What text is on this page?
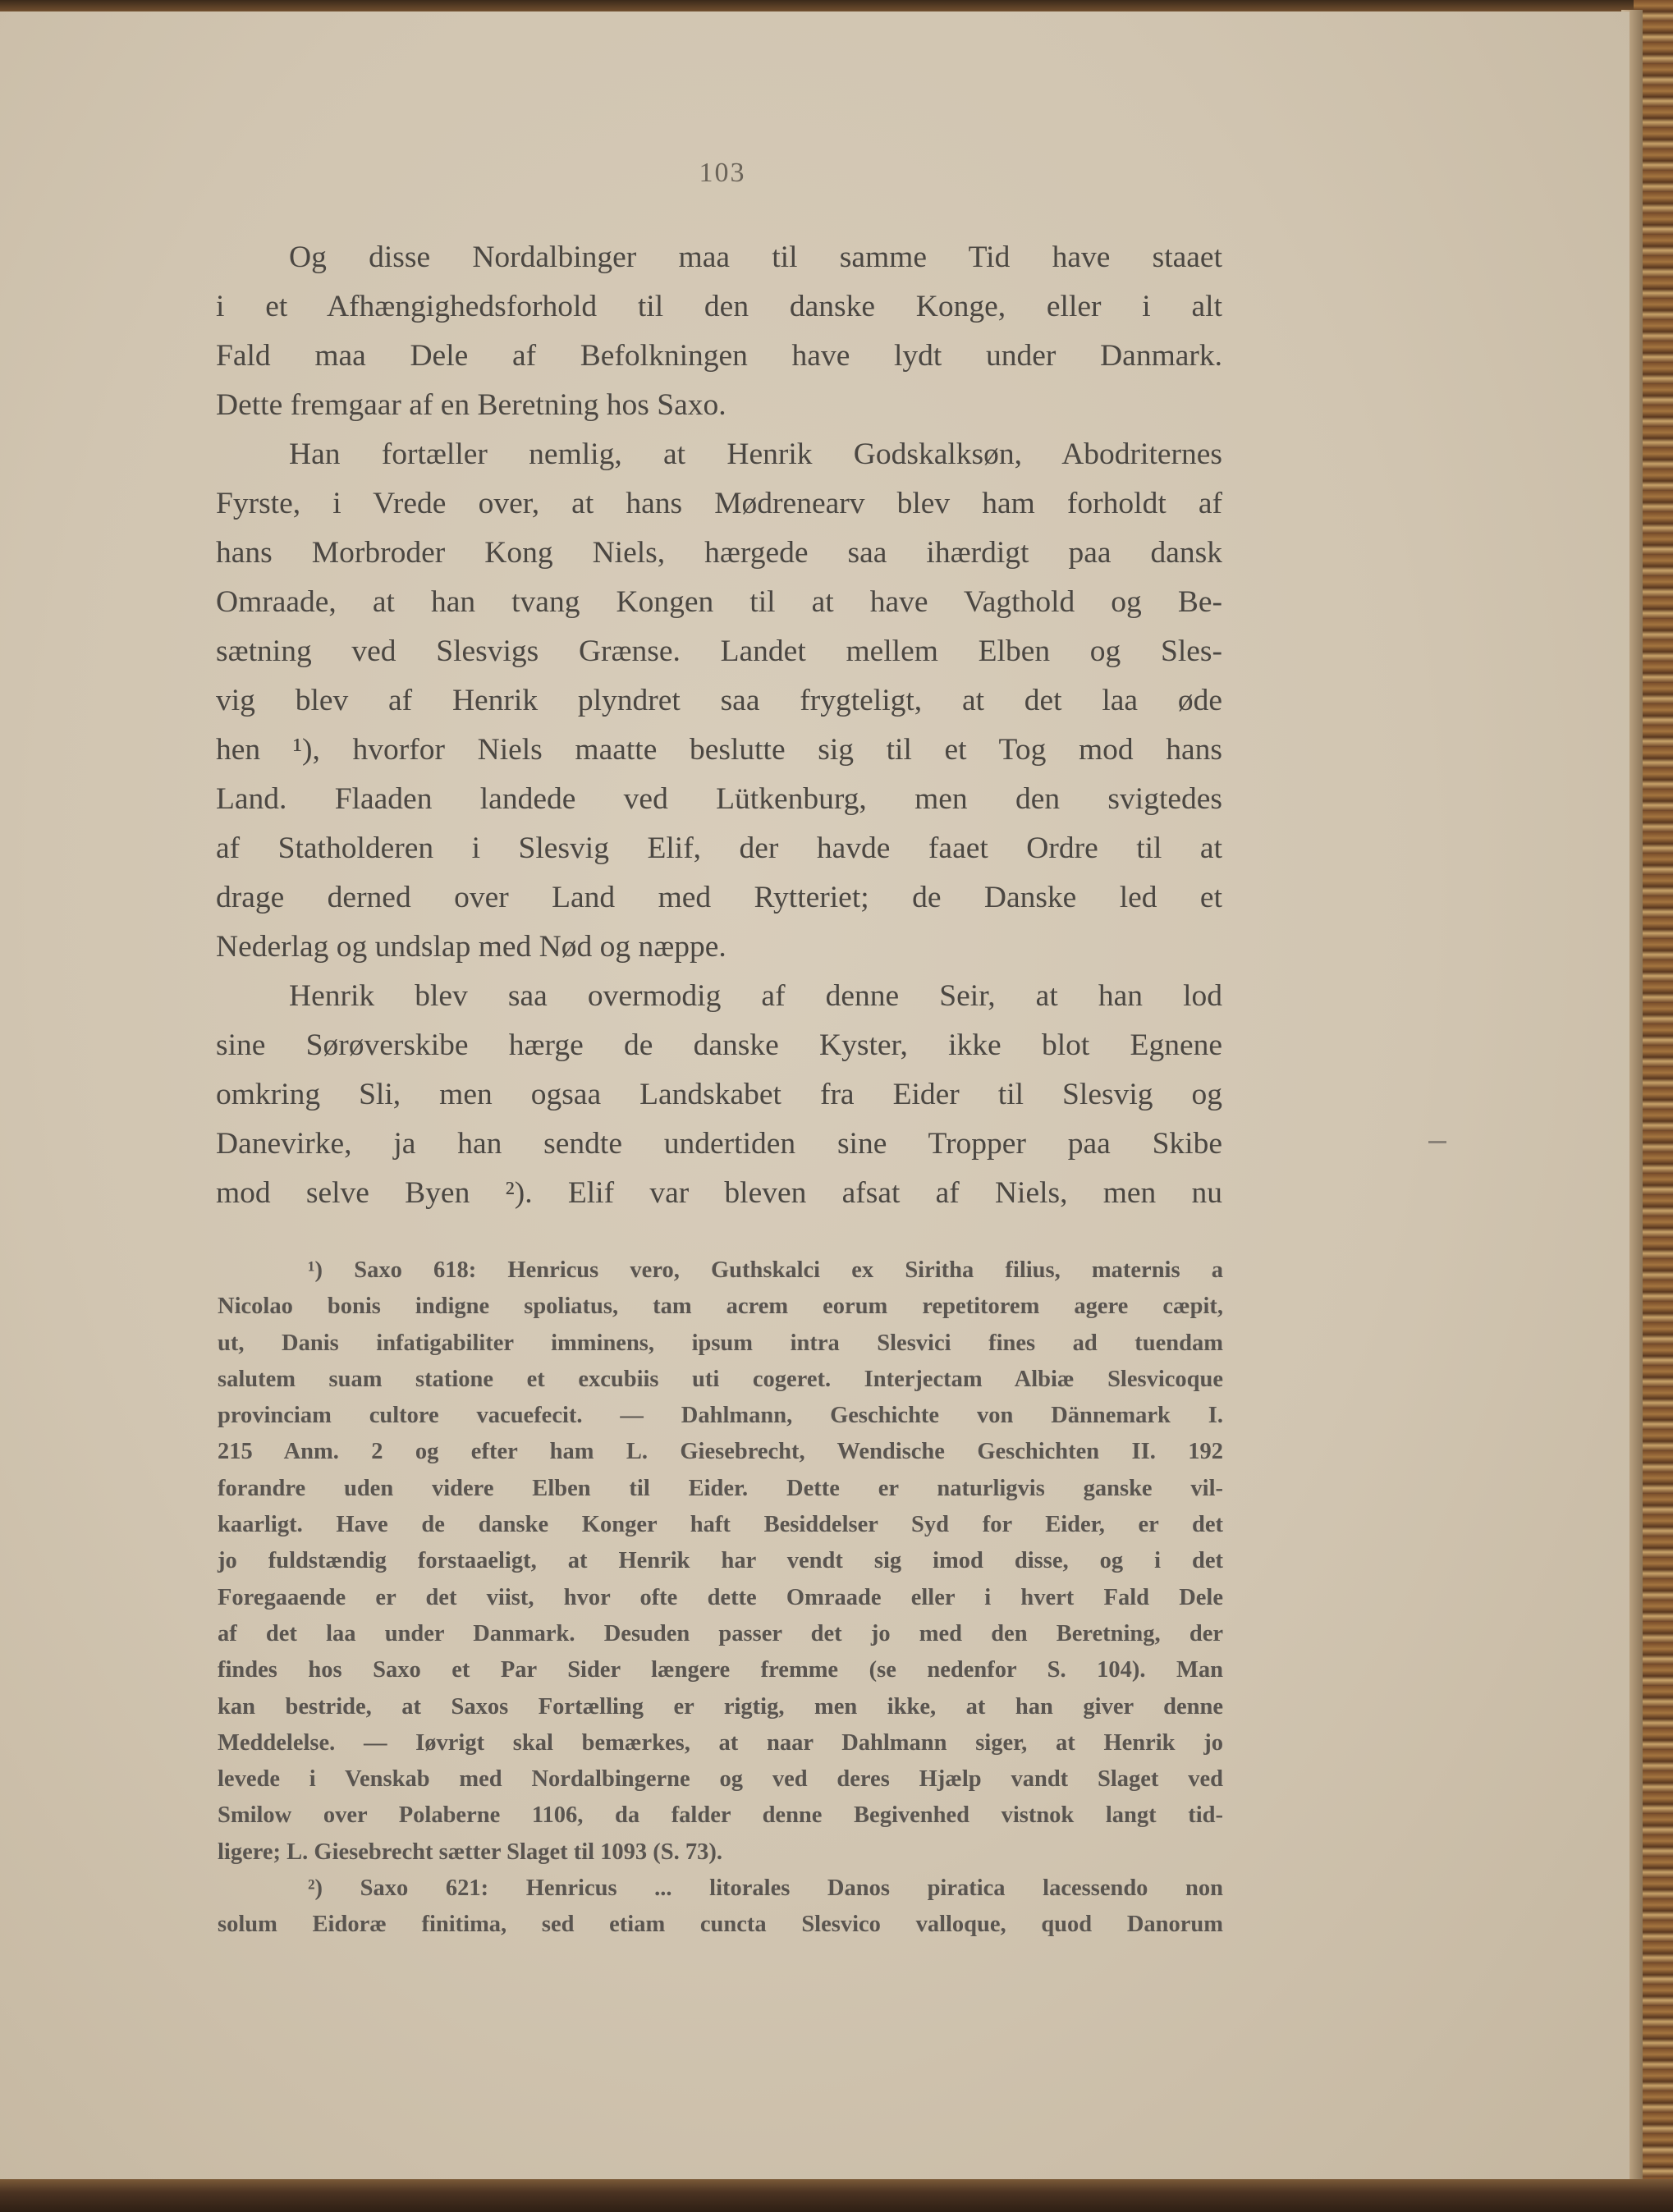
103
Og disse Nordalbinger maa til samme Tid have staaet
i et Afhængighedsforhold til den danske Konge, eller i alt
Fald maa Dele af Befolkningen have lydt under Danmark.
Dette fremgaar af en Beretning hos Saxo.
Han fortæller nemlig, at Henrik Godskalksøn, Abodriternes
Fyrste, i Vrede over, at hans Mødrenearv blev ham forholdt af
hans Morbroder Kong Niels, hærgede saa ihærdigt paa dansk
Omraade, at han tvang Kongen til at have Vagthold og Be-
sætning ved Slesvigs Grænse. Landet mellem Elben og Sles-
vig blev af Henrik plyndret saa frygteligt, at det laa øde
hen ¹), hvorfor Niels maatte beslutte sig til et Tog mod hans
Land. Flaaden landede ved Lütkenburg, men den svigtedes
af Statholderen i Slesvig Elif, der havde faaet Ordre til at
drage derned over Land med Rytteriet; de Danske led et
Nederlag og undslap med Nød og næppe.
Henrik blev saa overmodig af denne Seir, at han lod
sine Sørøverskibe hærge de danske Kyster, ikke blot Egnene
omkring Sli, men ogsaa Landskabet fra Eider til Slesvig og
Danevirke, ja han sendte undertiden sine Tropper paa Skibe
mod selve Byen ²). Elif var bleven afsat af Niels, men nu
¹) Saxo 618: Henricus vero, Guthskalci ex Siritha filius, maternis a
Nicolao bonis indigne spoliatus, tam acrem eorum repetitorem agere cæpit,
ut, Danis infatigabiliter imminens, ipsum intra Slesvici fines ad tuendam
salutem suam statione et excubiis uti cogeret. Interjectam Albiæ Slesvicoque
provinciam cultore vacuefecit. — Dahlmann, Geschichte von Dännemark I.
215 Anm. 2 og efter ham L. Giesebrecht, Wendische Geschichten II. 192
forandre uden videre Elben til Eider. Dette er naturligvis ganske vil-
kaarligt. Have de danske Konger haft Besiddelser Syd for Eider, er det
jo fuldstændig forstaaeligt, at Henrik har vendt sig imod disse, og i det
Foregaaende er det viist, hvor ofte dette Omraade eller i hvert Fald Dele
af det laa under Danmark. Desuden passer det jo med den Beretning, der
findes hos Saxo et Par Sider længere fremme (se nedenfor S. 104). Man
kan bestride, at Saxos Fortælling er rigtig, men ikke, at han giver denne
Meddelelse. — Iøvrigt skal bemærkes, at naar Dahlmann siger, at Henrik jo
levede i Venskab med Nordalbingerne og ved deres Hjælp vandt Slaget ved
Smilow over Polaberne 1106, da falder denne Begivenhed vistnok langt tid-
ligere; L. Giesebrecht sætter Slaget til 1093 (S. 73).
²) Saxo 621: Henricus ... litorales Danos piratica lacessendo non
solum Eidoræ finitima, sed etiam cuncta Slesvico valloque, quod Danorum
